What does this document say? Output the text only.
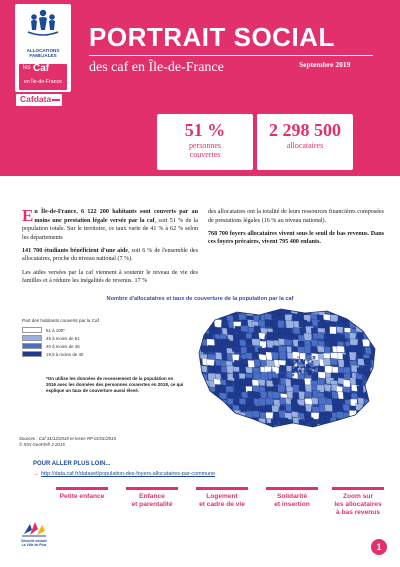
ALLOCATIONS FAMILIALES
les Caf
en Île-de-France
PORTRAIT SOCIAL
des caf en Île-de-France	Septembre 2019
Cafdata
51 %
personnes
couvertes
2 298 500
allocataires

En Île-de-France, 6 122 200 habitants sont couverts par au moins une prestation légale versée par la caf, soit 51 % de la population totale. Sur le territoire, ce taux varie de 41 % à 62 % selon les départements

141 700 étudiants bénéficient d'une aide, soit 6 % de l'ensemble des allocataires, proche du niveau national (7 %).

Les aides versées par la caf viennent à soutenir le niveau de vie des familles et à réduire les inégalités de revenus. 17 %

des allocataires ont la totalité de leurs ressources financières composées de prestations légales (16 % au niveau national).

768 700 foyers allocataires vivent sous le seuil de bas revenus. Dans ces foyers précaires, vivent 795 400 enfants.

Nombre d'allocataires et taux de couverture de la population par la caf
Part des habitants couverts par la Caf
51 à 100*
45 à moins de 51
40 à moins de 45
19,5 à moins de 40
*On utilise les données de recensement de la population en 2016 avec les données des personnes couvertes en 2018, ce qui explique un taux de couverture aussi élevé.
Sources : Caf 31/12/2018 et Insee RP 01/01/2015
© IGN GeoFla® 2 2015
POUR ALLER PLUS LOIN...
→ http://data.caf.fr/dataset/population-des-foyers-allocataires-par-commune
Petite enfance	Enfance
et parentalité
Logement
et cadre de vie
Solidarité
et insertion
Zoom sur
les allocataires
à bas revenus
Sécurité sociale
La Ville de Plus	1
